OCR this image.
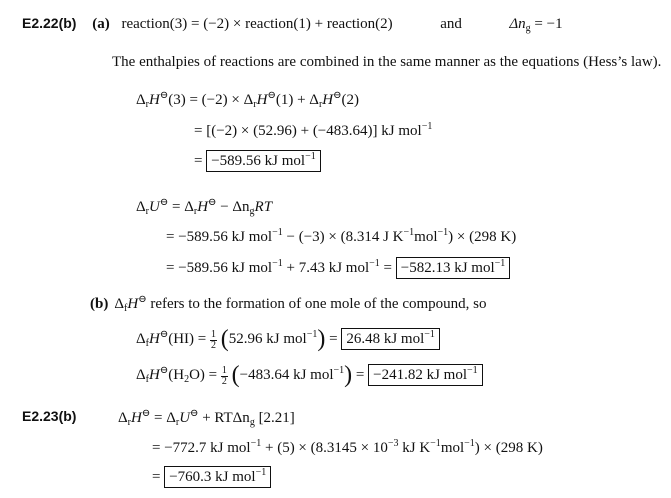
E2.22(b) (a) reaction(3) = (−2) × reaction(1) + reaction(2)	and	$\Delta n_g = -1$
The enthalpies of reactions are combined in the same manner as the equations (Hess’s law).
$\Delta_rH^⊖(3) = (-2) \times \Delta_rH^⊖(1) + \Delta_rH^⊖(2)$
= [(−2) × (52.96) + (−483.64)] kJ mol$^{-1}$
= −589.56 kJ mol$^{-1}$
$\Delta_rU^⊖ = \Delta_rH^⊖ - \Delta n_gRT$
= −589.56 kJ mol$^{-1}$ − (−3) × (8.314 J $K^{-1}mol^{-1}) \times (298$ K)
= −589.56 kJ mol$^{-1}$ + 7.43 kJ mol$^{-1}$ = −582.13 kJ mol$^{-1}$
(b) $\Delta_fH^⊖$ refers to the formation of one mole of the compound, so
$\Delta_fH^⊖(HI) = \frac{1}{2} (52.96$ kJ mol$^{-1}$) = 26.48 kJ mol$^{-1}$
$\Delta_fH^⊖(H_2O) = \frac{1}{2} (-483.64$ kJ mol$^{-1}$) = −241.82 kJ mol$^{-1}$
E2.23(b)	$\Delta_rH^⊖ = \Delta_rU^⊖ + RT\Delta n_g$ [2.21]
= −772.7 kJ $mol^{-1} + (5) \times (8.3145 \times 10^{-3}$ kJ $K^{-1}mol^{-1}) \times (298$ K)
= −760.3 kJ mol$^{-1}$
